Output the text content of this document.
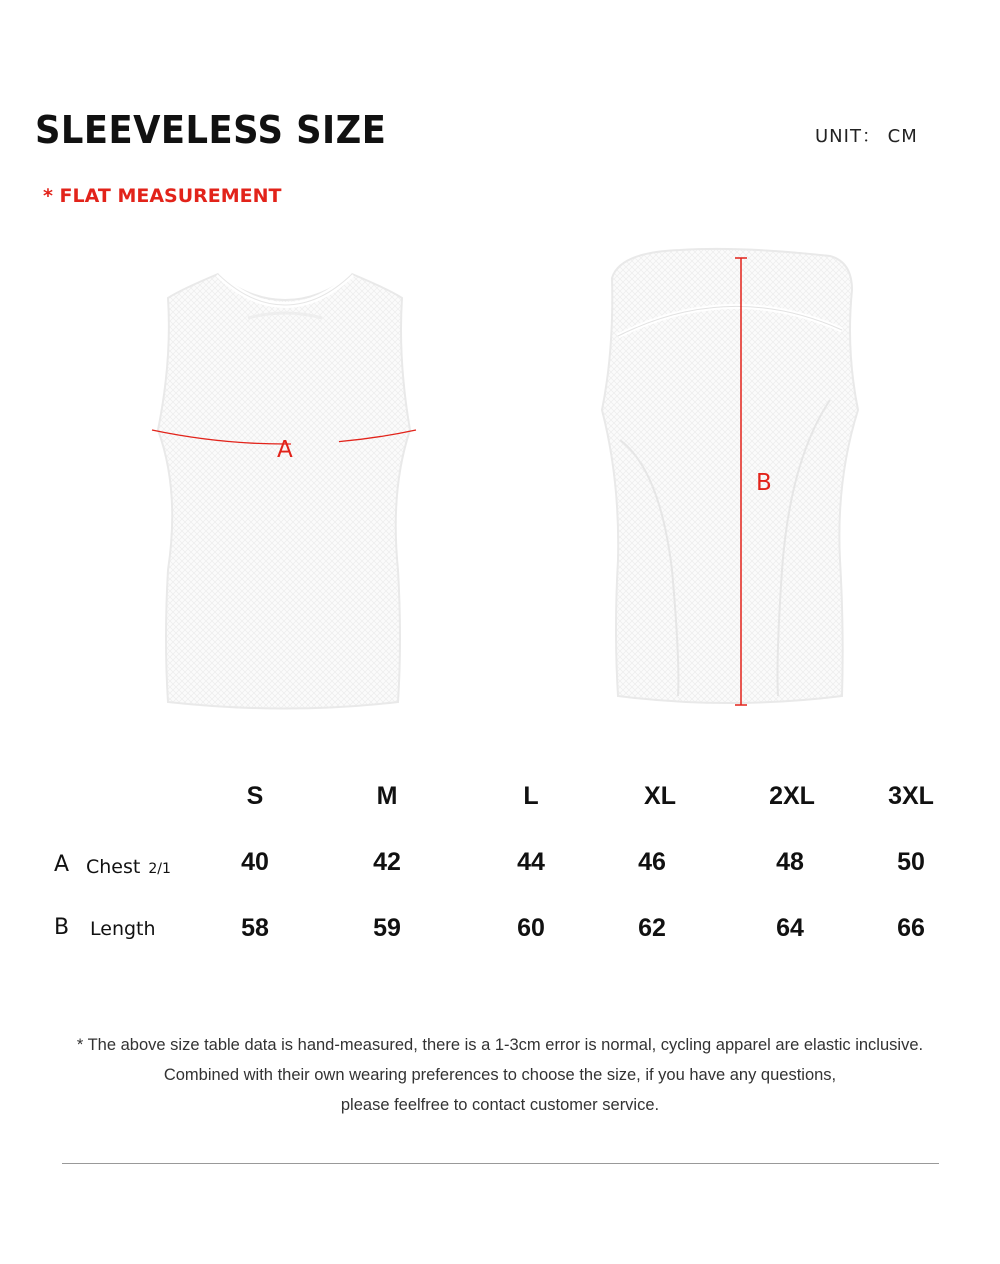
SLEEVELESS SIZE	UNIT： CM
* FLAT MEASUREMENT
A
B
S	M	L	XL	2XL	3XL
A Chest 2/1	40	42	44	46	48	50
B Length	58	59	60	62	64	66
* The above size table data is hand-measured, there is a 1-3cm error is normal, cycling apparel are elastic inclusive.
Combined with their own wearing preferences to choose the size, if you have any questions,
please feelfree to contact customer service.
